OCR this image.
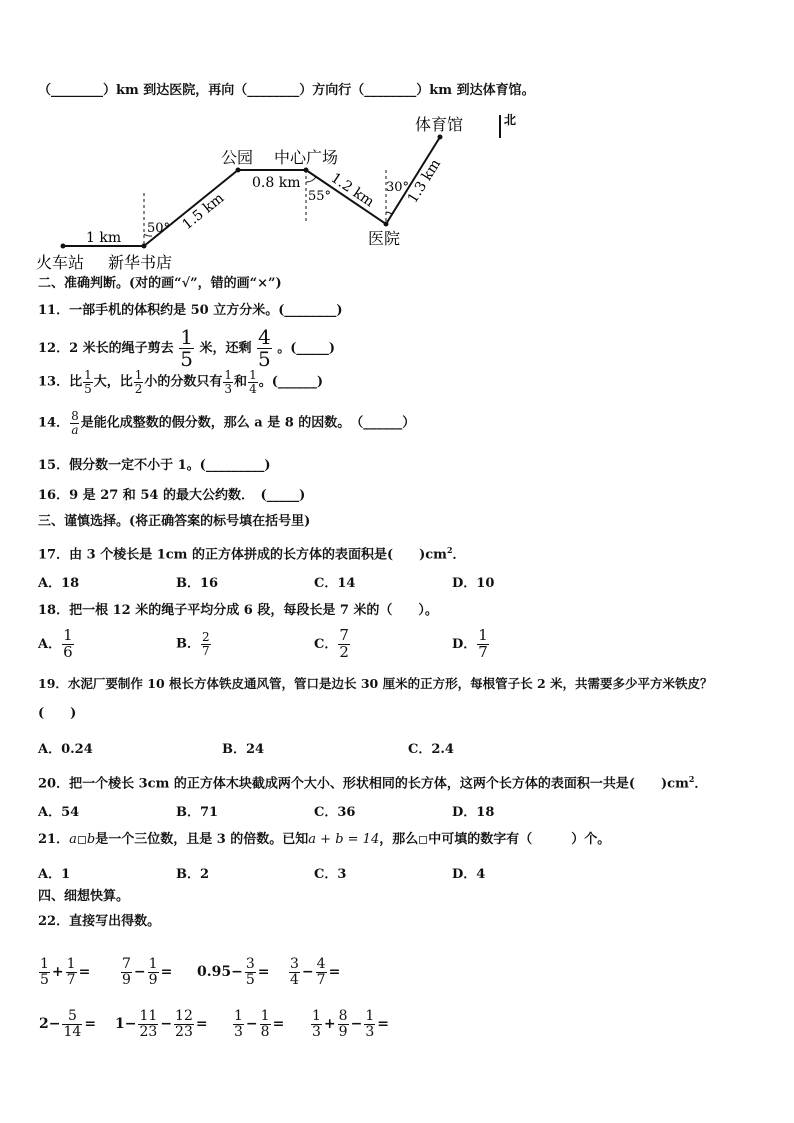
（________）km 到达医院，再向（________）方向行（________）km 到达体育馆。
北
火车站 新华书店
公园 中心广场
医院
体育馆
1 km
1.5 km
0.8 km 1.2 km 1.3 km
50°
55°
30°
二、准确判断。(对的画“√”，错的画“×”)
11．一部手机的体积约是 50 立方分米。(________)
12．2 米长的绳子剪去 $\frac{1}{5}$ 米，还剩 $\frac{4}{5}$ 。(_____)
13．比 $\frac{1}{5}$ 大，比 $\frac{1}{2}$ 小的分数只有 $\frac{1}{3}$ 和 $\frac{1}{4}$ 。(______)
14． $\frac{8}{a}$ 是能化成整数的假分数，那么 a 是 8 的因数。　（______）
15．假分数一定不小于 1。(_________)
16．9 是 27 和 54 的最大公约数．　(_____)
三、谨慎选择。(将正确答案的标号填在括号里)
17．由 3 个棱长是 1cm 的正方体拼成的长方体的表面积是(　　)$cm^2$．
A．18	B．16	C．14	D．10
18．把一根 12 米的绳子平均分成 6 段，每段长是 7 米的（　　）。
A． $\frac{1}{6}$	B． $\frac{2}{7}$	C． $\frac{7}{2}$	D． $\frac{1}{7}$
19．水泥厂要制作 10 根长方体铁皮通风管，管口是边长 30 厘米的正方形，每根管子长 2 米，共需要多少平方米铁皮？
(　　)
A．0.24	B．24	C．2.4
20．把一个棱长 3cm 的正方体木块截成两个大小、形状相同的长方体，这两个长方体的表面积一共是(　　)$cm^2$．
A．54	B．71	C．36	D．18
21．a b是一个三位数，且是 3 的倍数。已知a + b = 14，那么 中可填的数字有（　　　）个。
A．1	B．2	C．3	D．4
四、细想快算。
22．直接写出得数。
$\frac{1}{5} + \frac{1}{7} = \frac{7}{9} - \frac{1}{9} = 0.95- \frac{3}{5} = \frac{3}{4} - \frac{4}{7}$ =
$2- \frac{5}{14} = 1- \frac{11}{23} - \frac{12}{23} = \frac{1}{3} - \frac{1}{8} = \frac{1}{3} + \frac{8}{9} - \frac{1}{3}$ =
